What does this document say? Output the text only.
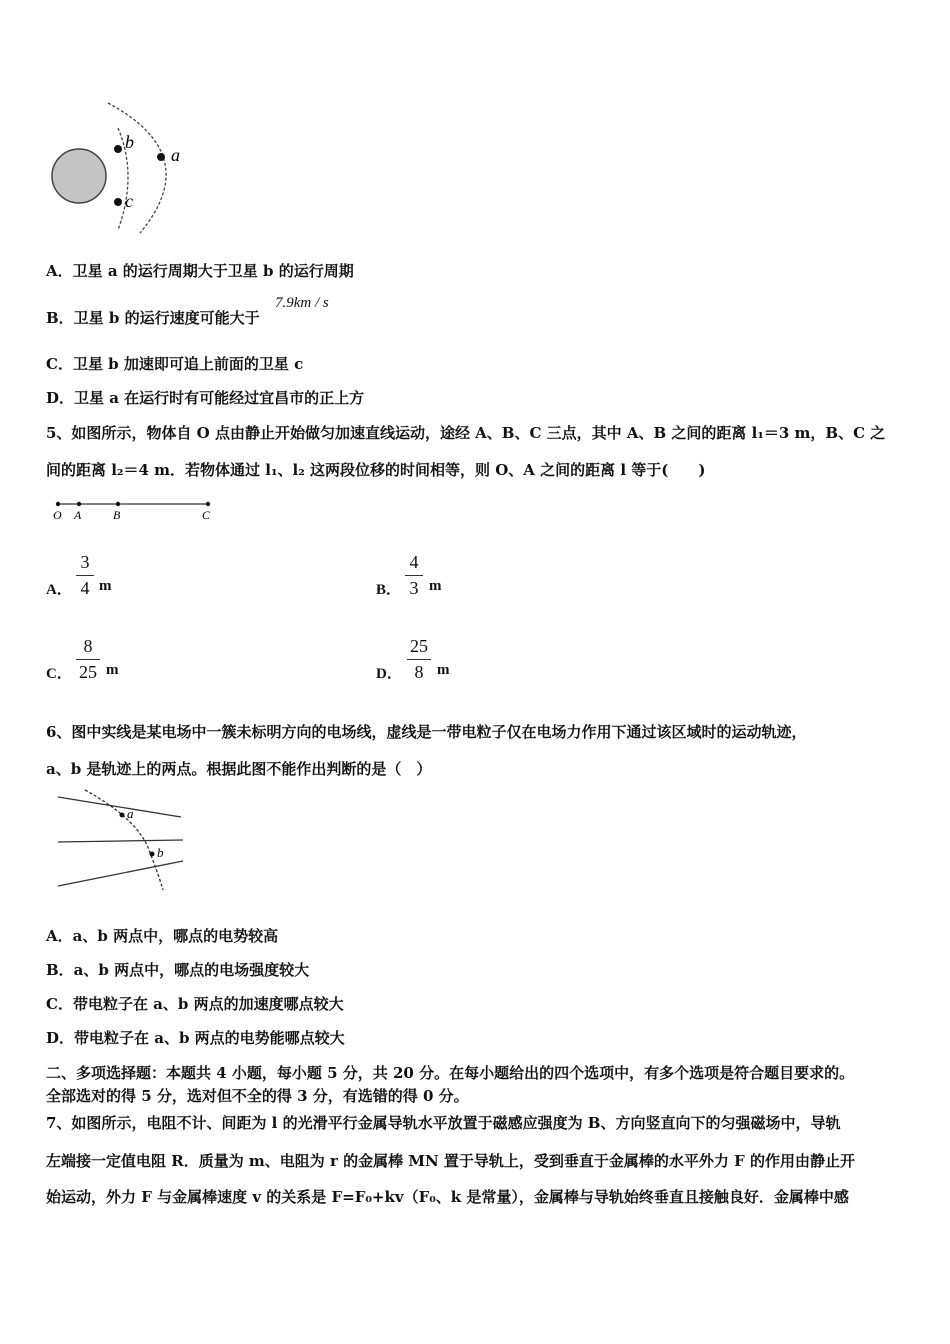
a
b
c
A．卫星 a 的运行周期大于卫星 b 的运行周期
B．卫星 b 的运行速度可能大于
7.9km / s
C．卫星 b 加速即可追上前面的卫星 c
D．卫星 a 在运行时有可能经过宜昌市的正上方
5、如图所示，物体自 O 点由静止开始做匀加速直线运动，途经 A、B、C 三点，其中 A、B 之间的距离 l₁＝3 m，B、C 之
间的距离 l₂＝4 m．若物体通过 l₁、l₂ 这两段位移的时间相等，则 O、A 之间的距离 l 等于(　　)
O A	B	C
A．
3
4 m	B．
4
3 m
C．
8
25 m	D．
25
8 m
6、图中实线是某电场中一簇未标明方向的电场线，虚线是一带电粒子仅在电场力作用下通过该区域时的运动轨迹，
a、b 是轨迹上的两点。根据此图不能作出判断的是（　）
a
b
A．a、b 两点中，哪点的电势较高
B．a、b 两点中，哪点的电场强度较大
C．带电粒子在 a、b 两点的加速度哪点较大
D．带电粒子在 a、b 两点的电势能哪点较大
二、多项选择题：本题共 4 小题，每小题 5 分，共 20 分。在每小题给出的四个选项中，有多个选项是符合题目要求的。
全部选对的得 5 分，选对但不全的得 3 分，有选错的得 0 分。
7、如图所示，电阻不计、间距为 l 的光滑平行金属导轨水平放置于磁感应强度为 B、方向竖直向下的匀强磁场中，导轨
左端接一定值电阻 R．质量为 m、电阻为 r 的金属棒 MN 置于导轨上，受到垂直于金属棒的水平外力 F 的作用由静止开
始运动，外力 F 与金属棒速度 v 的关系是 F=F₀+kv（F₀、k 是常量），金属棒与导轨始终垂直且接触良好．金属棒中感
